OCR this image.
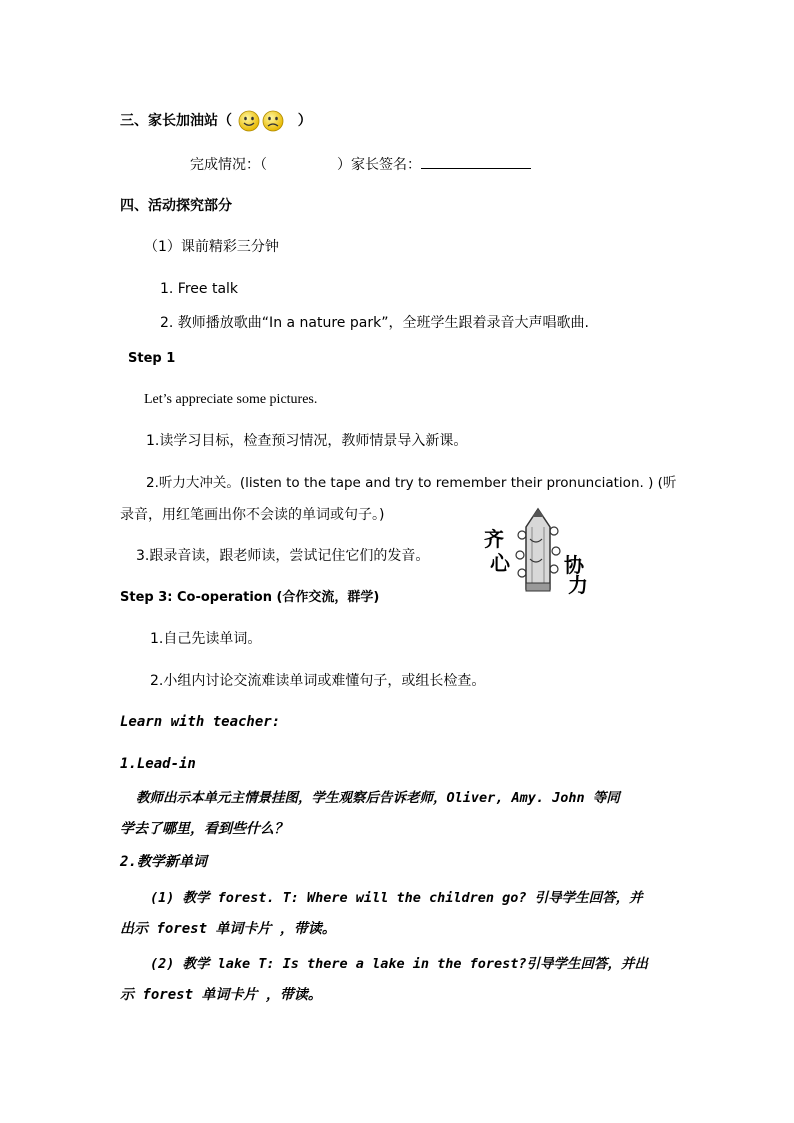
三、家长加油站（	）
完成情况：（	）家长签名：
四、活动探究部分
（1）课前精彩三分钟
1. Free talk
2. 教师播放歌曲“In a nature park”，全班学生跟着录音大声唱歌曲.
Step 1
Let’s appreciate some pictures.
1.读学习目标，检查预习情况，教师情景导入新课。
2.听力大冲关。(listen to the tape and try to remember their pronunciation. ) (听
录音，用红笔画出你不会读的单词或句子。)
3.跟录音读，跟老师读，尝试记住它们的发音。
齐
心	协
力
Step 3: Co-operation (合作交流，群学)
1.自己先读单词。
2.小组内讨论交流难读单词或难懂句子，或组长检查。
Learn with teacher:
1.Lead-in
教师出示本单元主情景挂图，学生观察后告诉老师，Oliver, Amy. John 等同
学去了哪里，看到些什么？
2.教学新单词
(1) 教学 forest. T: Where will the children go? 引导学生回答，并
出示 forest 单词卡片 ，带读。
(2) 教学 lake T: Is there a lake in the forest?引导学生回答，并出
示 forest 单词卡片 ，带读。
